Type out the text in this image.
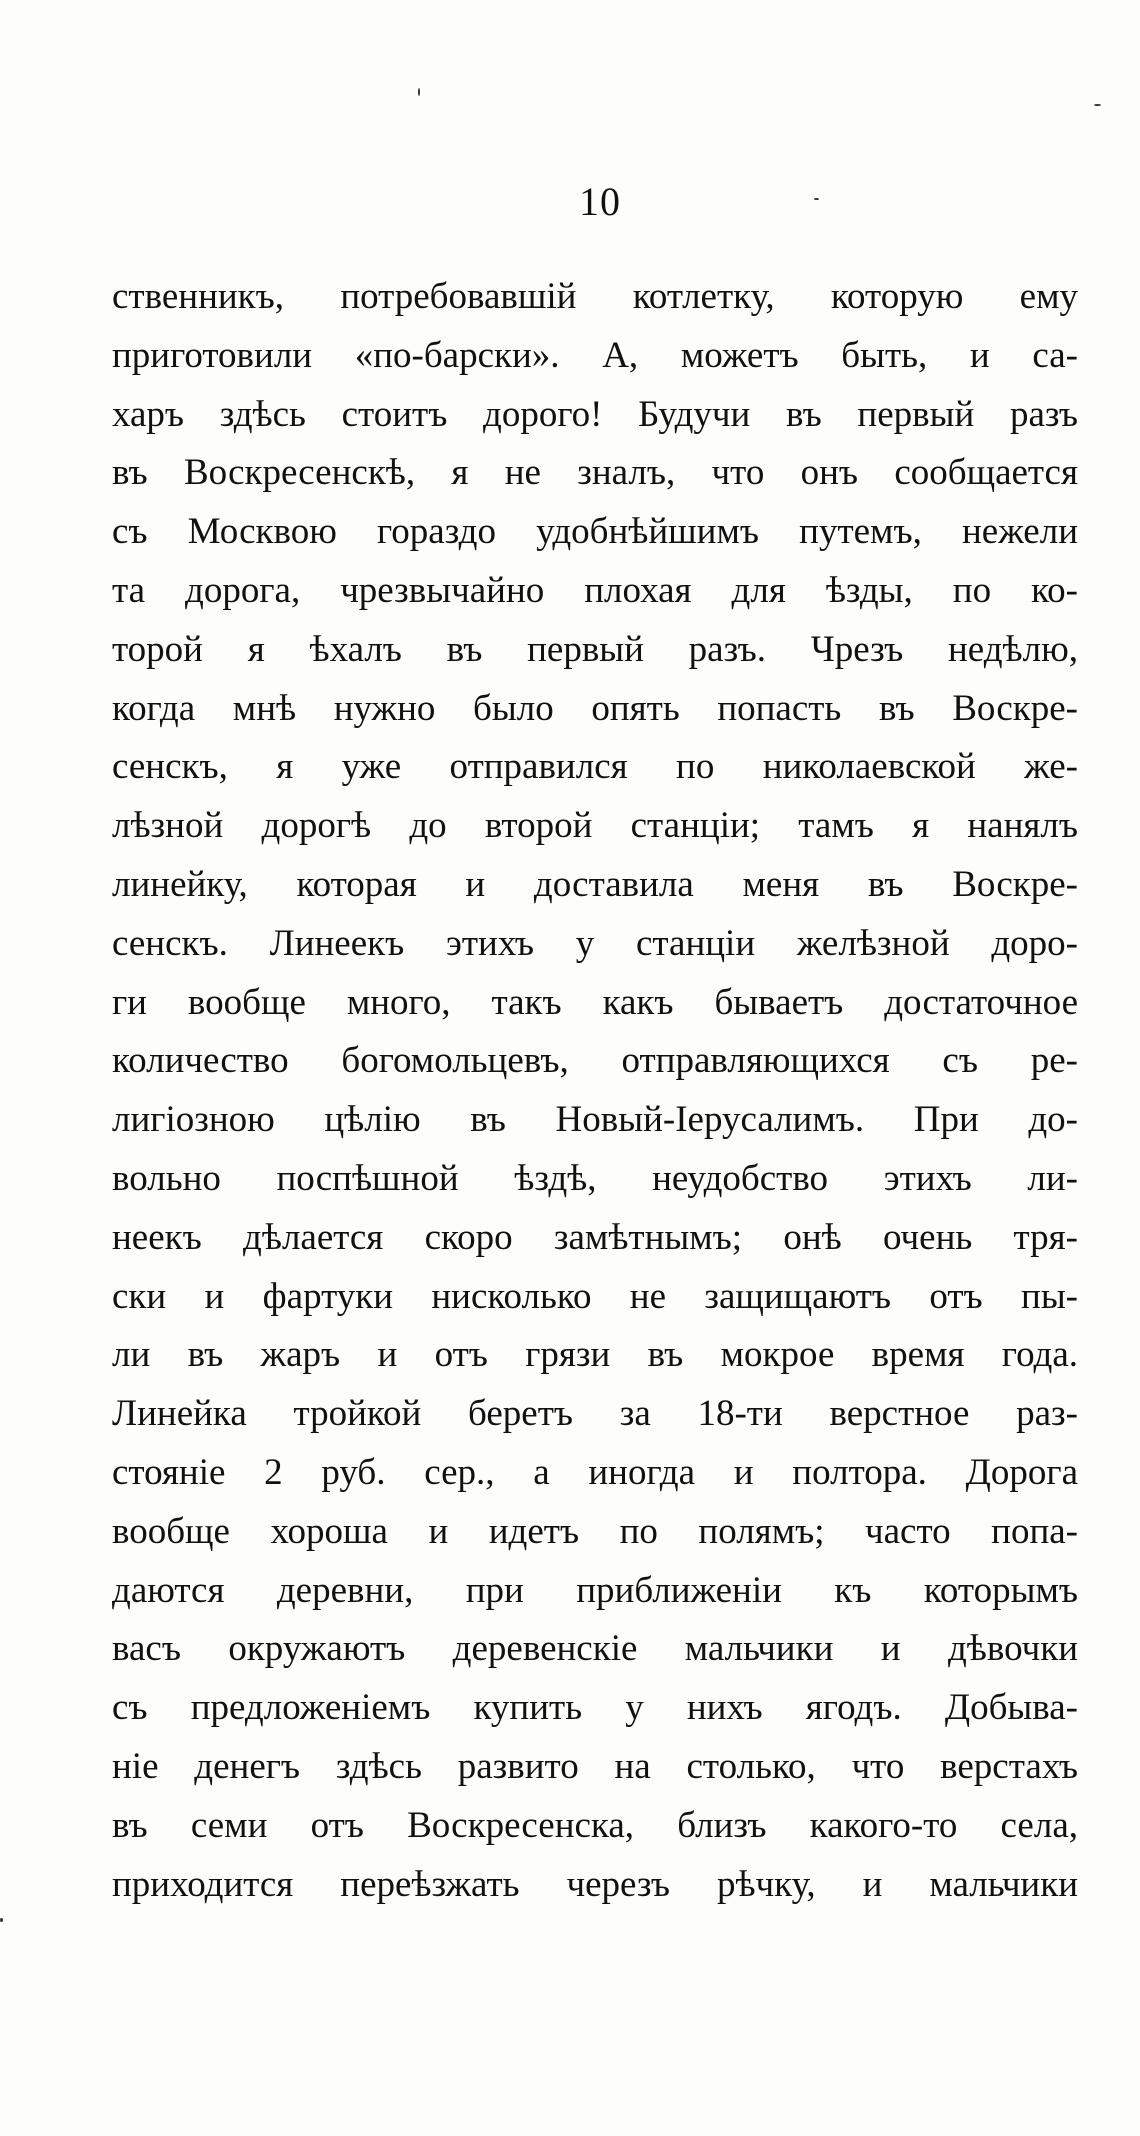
10
ственникъ, потребовавшій котлетку, которую ему
приготовили «по-барски». А, можетъ быть, и са-
харъ здѣсь стоитъ дорого! Будучи въ первый разъ
въ Воскресенскѣ, я не зналъ, что онъ сообщается
съ Москвою гораздо удобнѣйшимъ путемъ, нежели
та дорога, чрезвычайно плохая для ѣзды, по ко-
торой я ѣхалъ въ первый разъ. Чрезъ недѣлю,
когда мнѣ нужно было опять попасть въ Воскре-
сенскъ, я уже отправился по николаевской же-
лѣзной дорогѣ до второй станціи; тамъ я нанялъ
линейку, которая и доставила меня въ Воскре-
сенскъ. Линеекъ этихъ у станціи желѣзной доро-
ги вообще много, такъ какъ бываетъ достаточное
количество богомольцевъ, отправляющихся съ ре-
лигіозною цѣлію въ Новый-Іерусалимъ. При до-
вольно поспѣшной ѣздѣ, неудобство этихъ ли-
неекъ дѣлается скоро замѣтнымъ; онѣ очень тря-
ски и фартуки нисколько не защищаютъ отъ пы-
ли въ жаръ и отъ грязи въ мокрое время года.
Линейка тройкой беретъ за 18-ти верстное раз-
стояніе 2 руб. сер., а иногда и полтора. Дорога
вообще хороша и идетъ по полямъ; часто попа-
даются деревни, при приближеніи къ которымъ
васъ окружаютъ деревенскіе мальчики и дѣвочки
съ предложеніемъ купить у нихъ ягодъ. Добыва-
ніе денегъ здѣсь развито на столько, что верстахъ
въ семи отъ Воскресенска, близъ какого-то села,
приходится переѣзжать черезъ рѣчку, и мальчики
